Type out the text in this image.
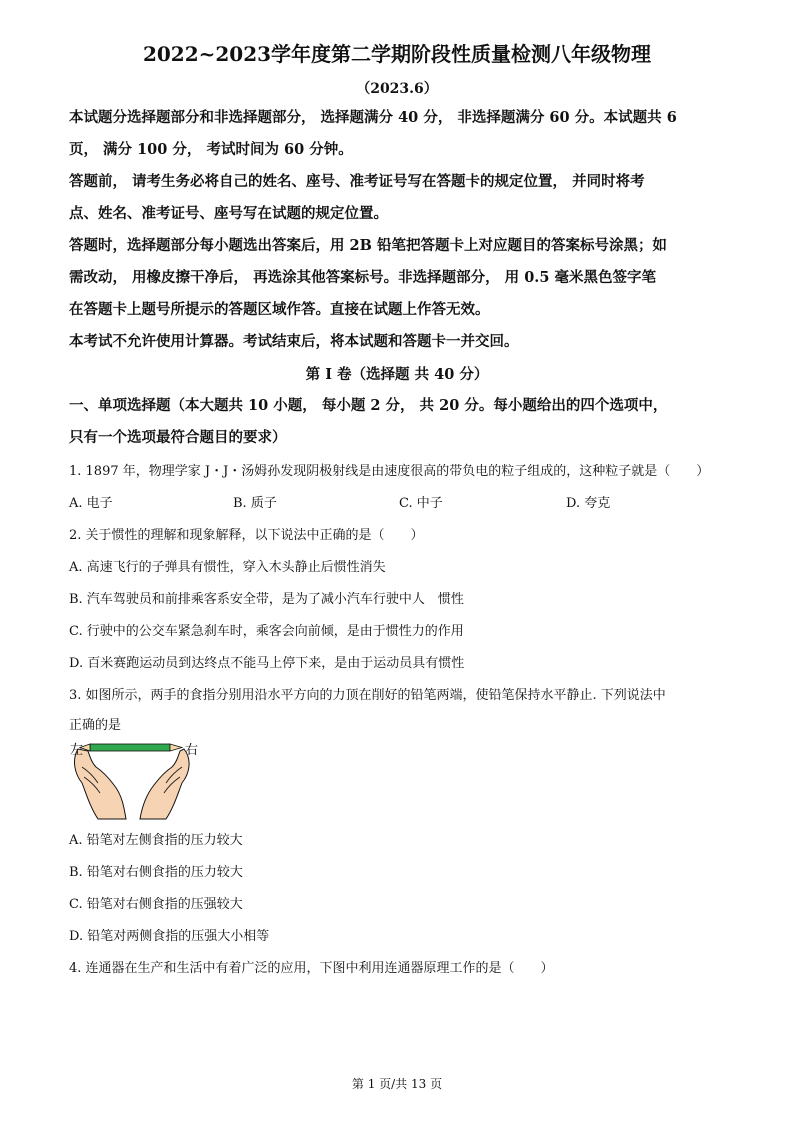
2022~2023学年度第二学期阶段性质量检测八年级物理
（2023.6）
本试题分选择题部分和非选择题部分， 选择题满分 40 分， 非选择题满分 60 分。本试题共 6
页， 满分 100 分， 考试时间为 60 分钟。
答题前， 请考生务必将自己的姓名、座号、准考证号写在答题卡的规定位置， 并同时将考
点、姓名、准考证号、座号写在试题的规定位置。
答题时，选择题部分每小题选出答案后，用 2B 铅笔把答题卡上对应题目的答案标号涂黑；如
需改动， 用橡皮擦干净后， 再选涂其他答案标号。非选择题部分， 用 0.5 毫米黑色签字笔
在答题卡上题号所提示的答题区域作答。直接在试题上作答无效。
本考试不允许使用计算器。考试结束后，将本试题和答题卡一并交回。
第 I 卷（选择题 共 40 分）
一、单项选择题（本大题共 10 小题， 每小题 2 分， 共 20 分。每小题给出的四个选项中，
只有一个选项最符合题目的要求）
1. 1897 年，物理学家 J・J・汤姆孙发现阴极射线是由速度很高的带负电的粒子组成的，这种粒子就是（　　）
A. 电子	B. 质子	C. 中子	D. 夸克
2. 关于惯性的理解和现象解释，以下说法中正确的是（　　）
A. 高速飞行的子弹具有惯性，穿入木头静止后惯性消失
B. 汽车驾驶员和前排乘客系安全带，是为了减小汽车行驶中人　惯性
C. 行驶中的公交车紧急刹车时，乘客会向前倾，是由于惯性力的作用
D. 百米赛跑运动员到达终点不能马上停下来，是由于运动员具有惯性
3. 如图所示，两手的食指分别用沿水平方向的力顶在削好的铅笔两端，使铅笔保持水平静止. 下列说法中
正确的是
左	右
A. 铅笔对左侧食指的压力较大
B. 铅笔对右侧食指的压力较大
C. 铅笔对右侧食指的压强较大
D. 铅笔对两侧食指的压强大小相等
4. 连通器在生产和生活中有着广泛的应用，下图中利用连通器原理工作的是（　　）
第 1 页/共 13 页
